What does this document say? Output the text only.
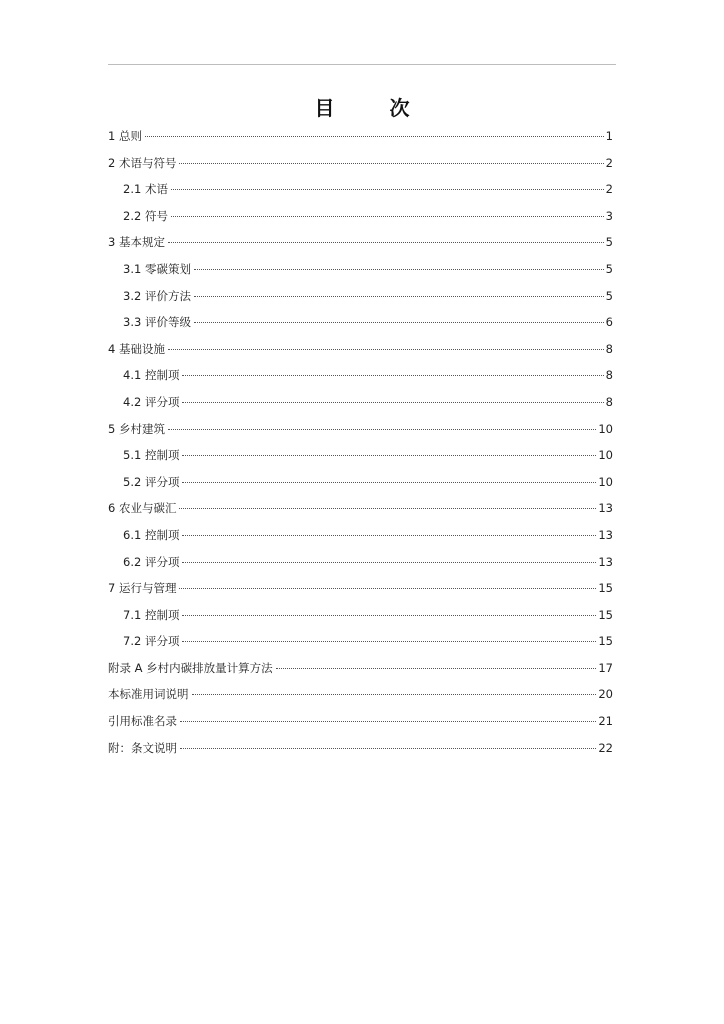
目 次
1 总则	1
2 术语与符号	2
2.1 术语	2
2.2 符号	3
3 基本规定	5
3.1 零碳策划	5
3.2 评价方法	5
3.3 评价等级	6
4 基础设施	8
4.1 控制项	8
4.2 评分项	8
5 乡村建筑	10
5.1 控制项	10
5.2 评分项	10
6 农业与碳汇	13
6.1 控制项	13
6.2 评分项	13
7 运行与管理	15
7.1 控制项	15
7.2 评分项	15
附录 A 乡村内碳排放量计算方法	17
本标准用词说明	20
引用标准名录	21
附：条文说明	22
